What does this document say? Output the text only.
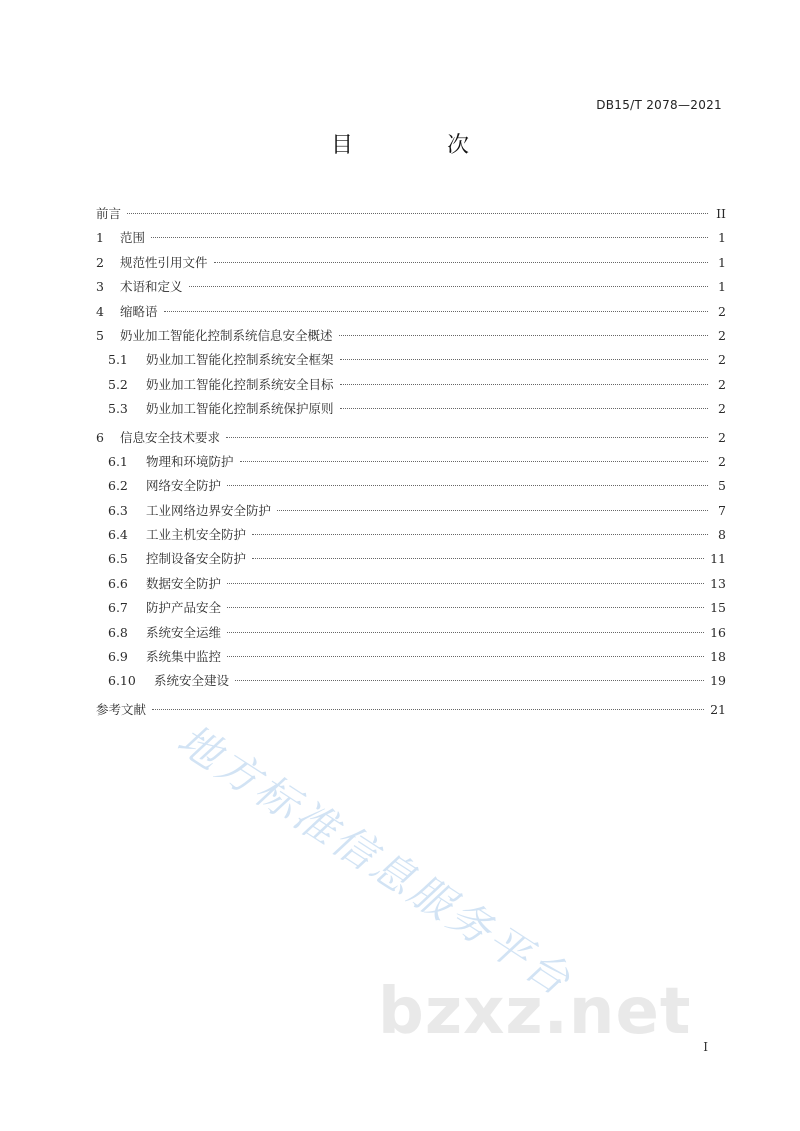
DB15/T 2078—2021
目　次
前言	II
1	范围	1
2	规范性引用文件	1
3	术语和定义	1
4	缩略语	2
5	奶业加工智能化控制系统信息安全概述	2
5.1	奶业加工智能化控制系统安全框架	2
5.2	奶业加工智能化控制系统安全目标	2
5.3	奶业加工智能化控制系统保护原则	2
6	信息安全技术要求	2
6.1	物理和环境防护	2
6.2	网络安全防护	5
6.3	工业网络边界安全防护	7
6.4	工业主机安全防护	8
6.5	控制设备安全防护	11
6.6	数据安全防护	13
6.7	防护产品安全	15
6.8	系统安全运维	16
6.9	系统集中监控	18
6.10	系统安全建设	19
参考文献	21
地方标准信息服务平台
bzxz.net I
